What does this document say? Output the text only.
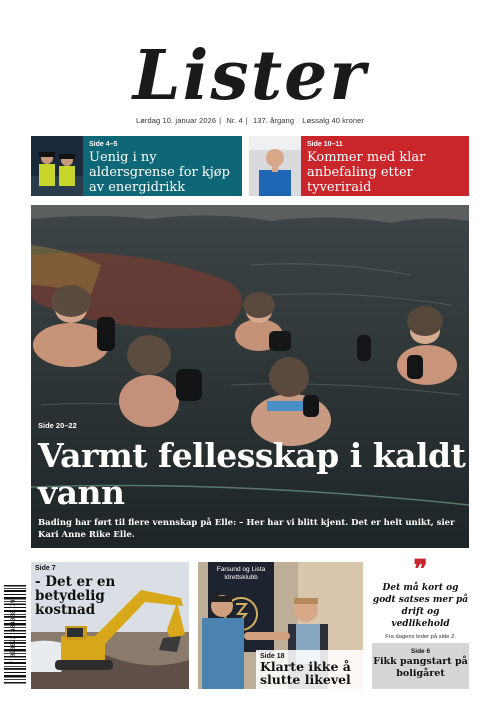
Lister
Lørdag 10. januar 2026 | Nr. 4 | 137. årgang Løssalg 40 kroner
Side 4–5
Uenig i ny aldersgrense for kjøp av energidrikk
Side 10–11
Kommer med klar anbefaling etter tyveriraid
Side 20–22
Varmt fellesskap i kaldt vann
Bading har ført til flere vennskap på Elle: – Her har vi blitt kjent. Det er helt unikt, sier Kari Anne Rike Elle.
7 090023 404008 19
Side 7
- Det er en betydelig kostnad
Farsund og Lista Idrettsklubb
Side 18
Klarte ikke å slutte likevel
❞
Det må kort og godt satses mer på drift og vedlikehold
Fra dagens leder på side 2.
Side 6
Fikk pangstart på boligåret
